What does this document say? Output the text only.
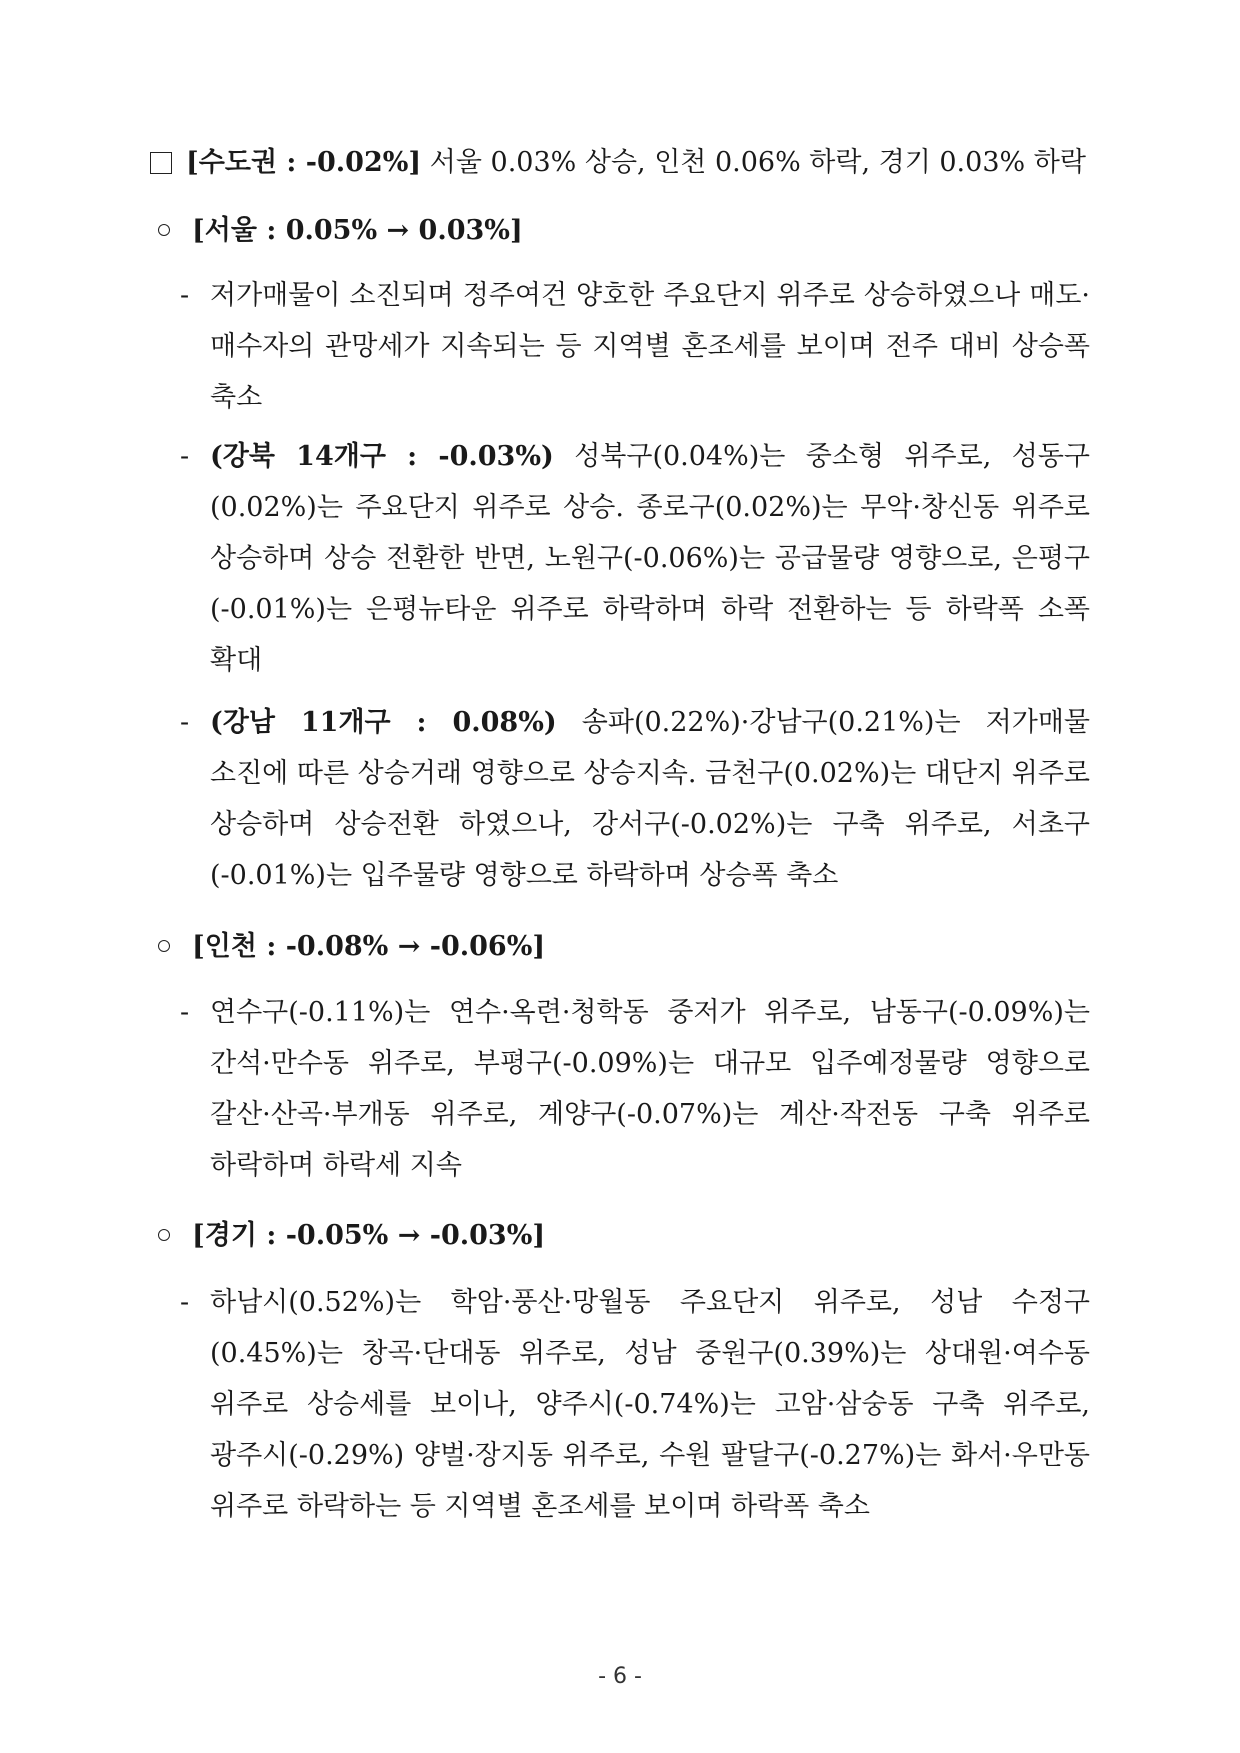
[수도권 : -0.02%] 서울 0.03% 상승, 인천 0.06% 하락, 경기 0.03% 하락
[서울 : 0.05% → 0.03%]
- 저가매물이 소진되며 정주여건 양호한 주요단지 위주로 상승하였으나 매도·매수자의 관망세가 지속되는 등 지역별 혼조세를 보이며 전주 대비 상승폭 축소
- (강북 14개구 : -0.03%) 성북구(0.04%)는 중소형 위주로, 성동구(0.02%)는 주요단지 위주로 상승. 종로구(0.02%)는 무악·창신동 위주로 상승하며 상승 전환한 반면, 노원구(-0.06%)는 공급물량 영향으로, 은평구(-0.01%)는 은평뉴타운 위주로 하락하며 하락 전환하는 등 하락폭 소폭 확대
- (강남 11개구 : 0.08%) 송파(0.22%)·강남구(0.21%)는 저가매물 소진에 따른 상승거래 영향으로 상승지속. 금천구(0.02%)는 대단지 위주로 상승하며 상승전환 하였으나, 강서구(-0.02%)는 구축 위주로, 서초구(-0.01%)는 입주물량 영향으로 하락하며 상승폭 축소
[인천 : -0.08% → -0.06%]
- 연수구(-0.11%)는 연수·옥련·청학동 중저가 위주로, 남동구(-0.09%)는 간석·만수동 위주로, 부평구(-0.09%)는 대규모 입주예정물량 영향으로 갈산·산곡·부개동 위주로, 계양구(-0.07%)는 계산·작전동 구축 위주로 하락하며 하락세 지속
[경기 : -0.05% → -0.03%]
- 하남시(0.52%)는 학암·풍산·망월동 주요단지 위주로, 성남 수정구(0.45%)는 창곡·단대동 위주로, 성남 중원구(0.39%)는 상대원·여수동 위주로 상승세를 보이나, 양주시(-0.74%)는 고암·삼숭동 구축 위주로, 광주시(-0.29%) 양벌·장지동 위주로, 수원 팔달구(-0.27%)는 화서·우만동 위주로 하락하는 등 지역별 혼조세를 보이며 하락폭 축소
- 6 -
